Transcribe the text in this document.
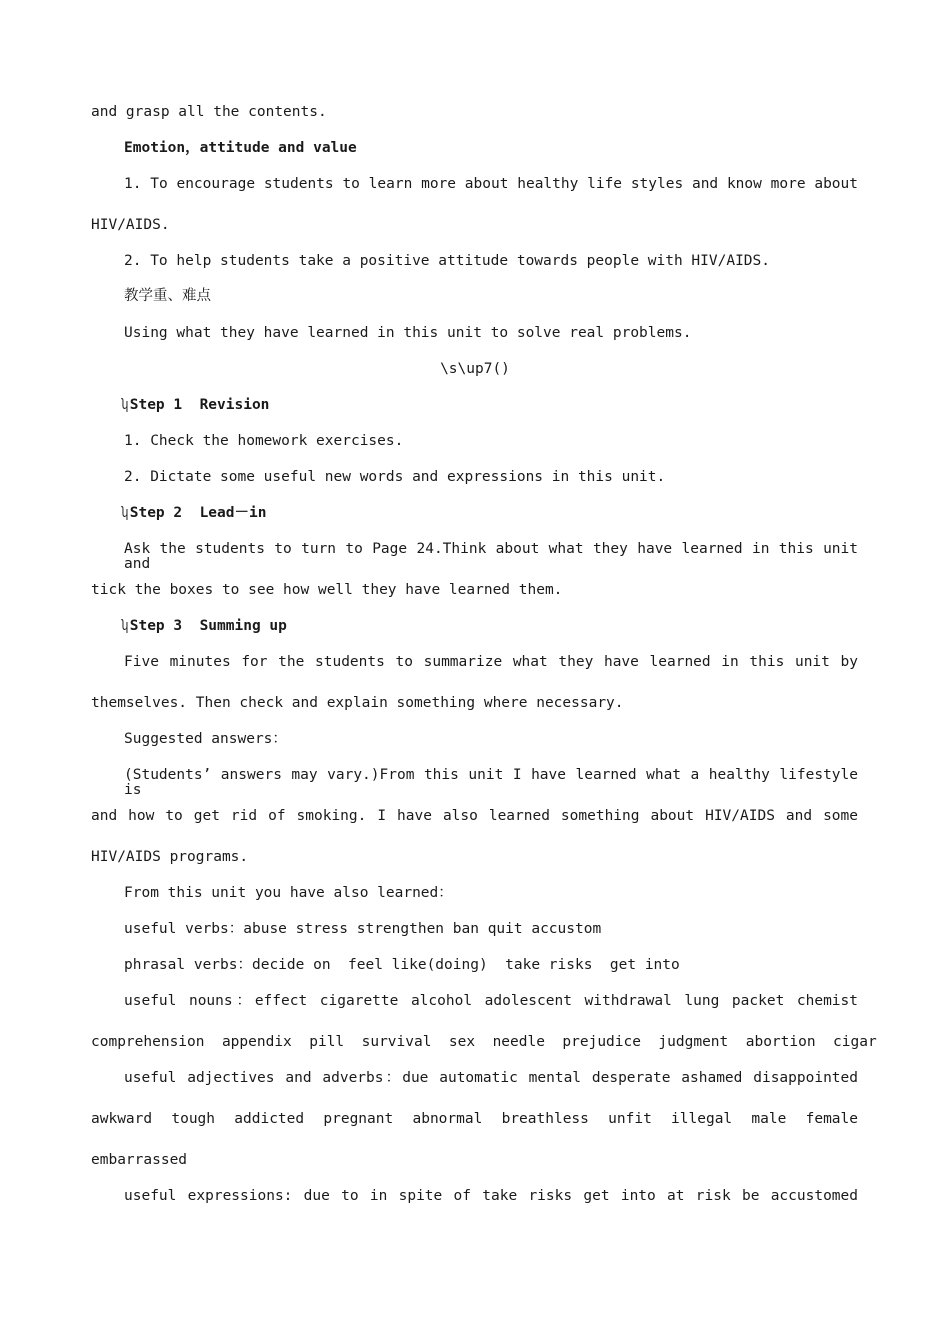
and grasp all the contents.
Emotion，attitude and value
1. To encourage students to learn more about healthy life styles and know more about
HIV/AIDS.
2. To help students take a positive attitude towards people with HIV/AIDS.
教学重、难点
Using what they have learned in this unit to solve real problems.
\s\up7()
ʮStep 1  Revision
1. Check the homework exercises.
2. Dictate some useful new words and expressions in this unit.
ʮStep 2  Lead－in
Ask the students to turn to Page 24.Think about what they have learned in this unit and
tick the boxes to see how well they have learned them.
ʮStep 3  Summing up
Five minutes for the students to summarize what they have learned in this unit by
themselves. Then check and explain something where necessary.
Suggested answers：
(Students’ answers may vary.)From this unit I have learned what a healthy lifestyle is
and how to get rid of smoking. I have also learned something about HIV/AIDS and some
HIV/AIDS programs.
From this unit you have also learned：
useful verbs：abuse stress strengthen ban quit accustom
phrasal verbs：decide on  feel like(doing)  take risks  get into
useful nouns：effect cigarette alcohol adolescent withdrawal lung packet chemist
comprehension  appendix  pill  survival  sex  needle  prejudice  judgment  abortion  cigar
useful adjectives and adverbs：due automatic mental desperate ashamed disappointed
awkward tough addicted pregnant abnormal breathless unfit illegal male female
embarrassed
useful expressions: due to in spite of take risks get into at risk be accustomed
